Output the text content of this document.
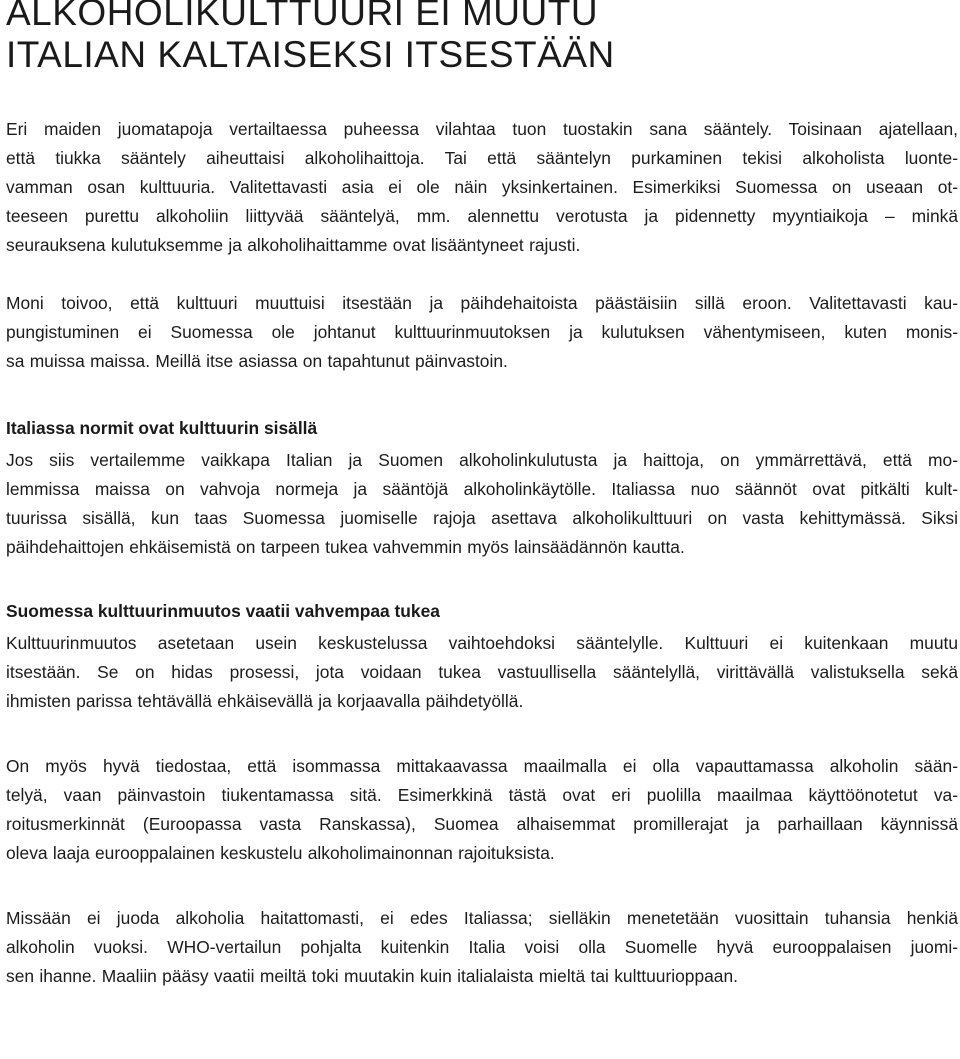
ALKOHOLIKULTTUURI EI MUUTU
ITALIAN KALTAISEKSI ITSESTÄÄN
Eri maiden juomatapoja vertailtaessa puheessa vilahtaa tuon tuostakin sana sääntely. Toisinaan ajatellaan,
että tiukka sääntely aiheuttaisi alkoholihaittoja. Tai että sääntelyn purkaminen tekisi alkoholista luonte-
vamman osan kulttuuria. Valitettavasti asia ei ole näin yksinkertainen. Esimerkiksi Suomessa on useaan ot-
teeseen purettu alkoholiin liittyvää sääntelyä, mm. alennettu verotusta ja pidennetty myyntiaikoja – minkä
seurauksena kulutuksemme ja alkoholihaittamme ovat lisääntyneet rajusti.
Moni toivoo, että kulttuuri muuttuisi itsestään ja päihdehaitoista päästäisiin sillä eroon. Valitettavasti kau-
pungistuminen ei Suomessa ole johtanut kulttuurinmuutoksen ja kulutuksen vähentymiseen, kuten monis-
sa muissa maissa. Meillä itse asiassa on tapahtunut päinvastoin.
Italiassa normit ovat kulttuurin sisällä
Jos siis vertailemme vaikkapa Italian ja Suomen alkoholinkulutusta ja haittoja, on ymmärrettävä, että mo-
lemmissa maissa on vahvoja normeja ja sääntöjä alkoholinkäytölle. Italiassa nuo säännöt ovat pitkälti kult-
tuurissa sisällä, kun taas Suomessa juomiselle rajoja asettava alkoholikulttuuri on vasta kehittymässä. Siksi
päihdehaittojen ehkäisemistä on tarpeen tukea vahvemmin myös lainsäädännön kautta.
Suomessa kulttuurinmuutos vaatii vahvempaa tukea
Kulttuurinmuutos asetetaan usein keskustelussa vaihtoehdoksi sääntelylle. Kulttuuri ei kuitenkaan muutu
itsestään. Se on hidas prosessi, jota voidaan tukea vastuullisella sääntelyllä, virittävällä valistuksella sekä
ihmisten parissa tehtävällä ehkäisevällä ja korjaavalla päihdetyöllä.
On myös hyvä tiedostaa, että isommassa mittakaavassa maailmalla ei olla vapauttamassa alkoholin sään-
telyä, vaan päinvastoin tiukentamassa sitä. Esimerkkinä tästä ovat eri puolilla maailmaa käyttöönotetut va-
roitusmerkinnät (Euroopassa vasta Ranskassa), Suomea alhaisemmat promillerajat ja parhaillaan käynnissä
oleva laaja eurooppalainen keskustelu alkoholimainonnan rajoituksista.
Missään ei juoda alkoholia haitattomasti, ei edes Italiassa; sielläkin menetetään vuosittain tuhansia henkiä
alkoholin vuoksi. WHO-vertailun pohjalta kuitenkin Italia voisi olla Suomelle hyvä eurooppalaisen juomi-
sen ihanne. Maaliin pääsy vaatii meiltä toki muutakin kuin italialaista mieltä tai kulttuurioppaan.
